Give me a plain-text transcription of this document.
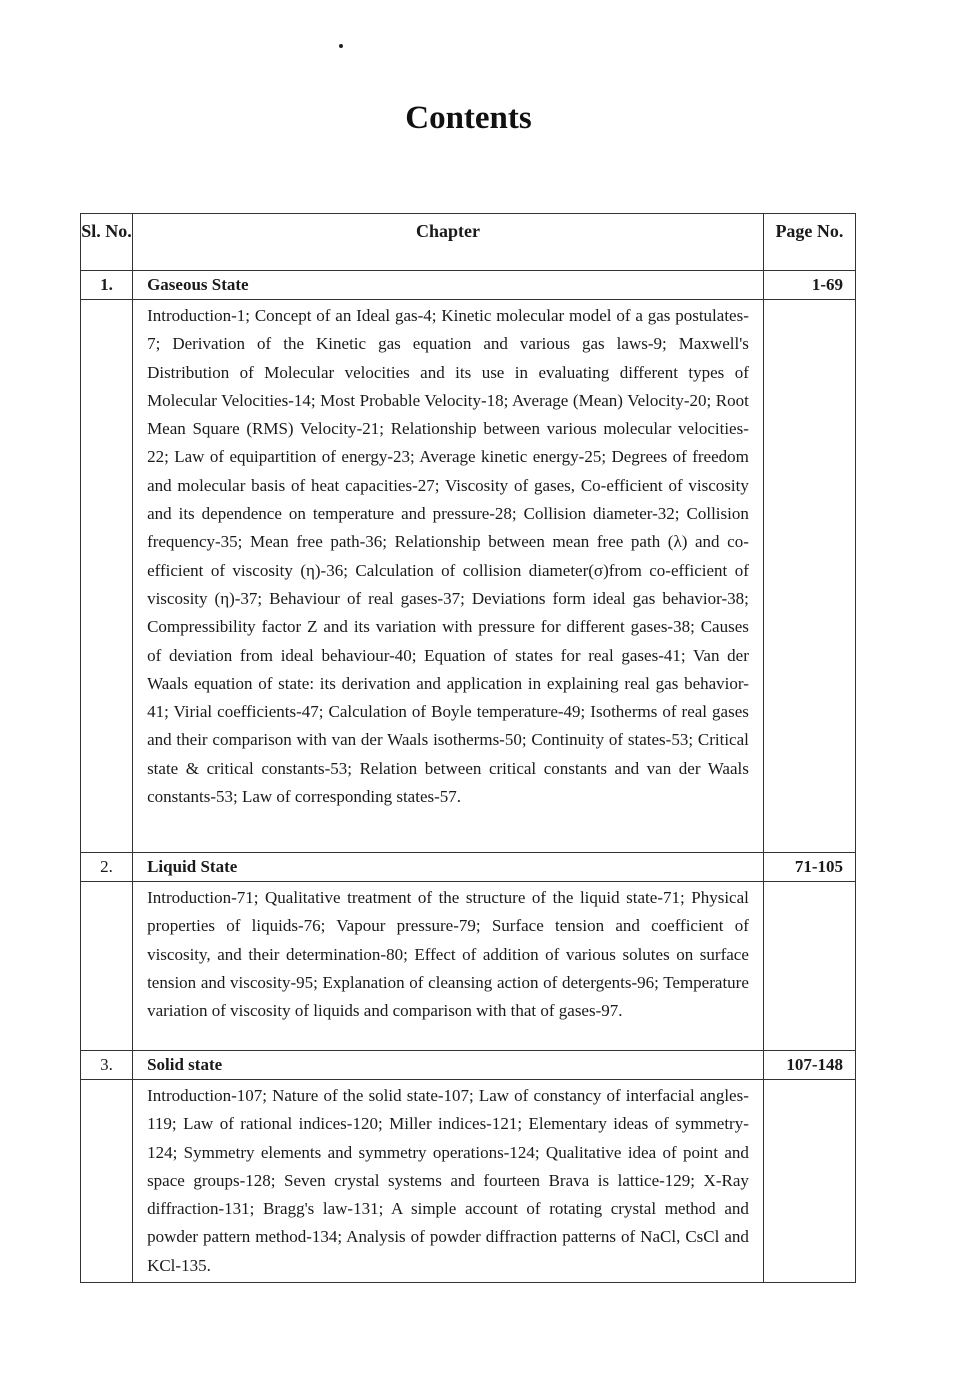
Contents
Sl. No.	Chapter	Page No.
1.	Gaseous State	1-69
	Introduction-1; Concept of an Ideal gas-4; Kinetic molecular model of a gas postulates-7; Derivation of the Kinetic gas equation and various gas laws-9; Maxwell's Distribution of Molecular velocities and its use in evaluating different types of Molecular Velocities-14; Most Probable Velocity-18; Average (Mean) Velocity-20; Root Mean Square (RMS) Velocity-21; Relationship between various molecular velocities-22; Law of equipartition of energy-23; Average kinetic energy-25; Degrees of freedom and molecular basis of heat capacities-27; Viscosity of gases, Co-efficient of viscosity and its dependence on temperature and pressure-28; Collision diameter-32; Collision frequency-35; Mean free path-36; Relationship between mean free path (λ) and co-efficient of viscosity (η)-36; Calculation of collision diameter(σ)from co-efficient of viscosity (η)-37; Behaviour of real gases-37; Deviations form ideal gas behavior-38; Compressibility factor Z and its variation with pressure for different gases-38; Causes of deviation from ideal behaviour-40; Equation of states for real gases-41; Van der Waals equation of state: its derivation and application in explaining real gas behavior-41; Virial coefficients-47; Calculation of Boyle temperature-49; Isotherms of real gases and their comparison with van der Waals isotherms-50; Continuity of states-53; Critical state & critical constants-53; Relation between critical constants and van der Waals constants-53; Law of corresponding states-57.	
2.	Liquid State	71-105
	Introduction-71; Qualitative treatment of the structure of the liquid state-71; Physical properties of liquids-76; Vapour pressure-79; Surface tension and coefficient of viscosity, and their determination-80; Effect of addition of various solutes on surface tension and viscosity-95; Explanation of cleansing action of detergents-96; Temperature variation of viscosity of liquids and comparison with that of gases-97.	
3.	Solid state	107-148
	Introduction-107; Nature of the solid state-107; Law of constancy of interfacial angles-119; Law of rational indices-120; Miller indices-121; Elementary ideas of symmetry-124; Symmetry elements and symmetry operations-124; Qualitative idea of point and space groups-128; Seven crystal systems and fourteen Brava is lattice-129; X-Ray diffraction-131; Bragg's law-131; A simple account of rotating crystal method and powder pattern method-134; Analysis of powder diffraction patterns of NaCl, CsCl and KCl-135.	
